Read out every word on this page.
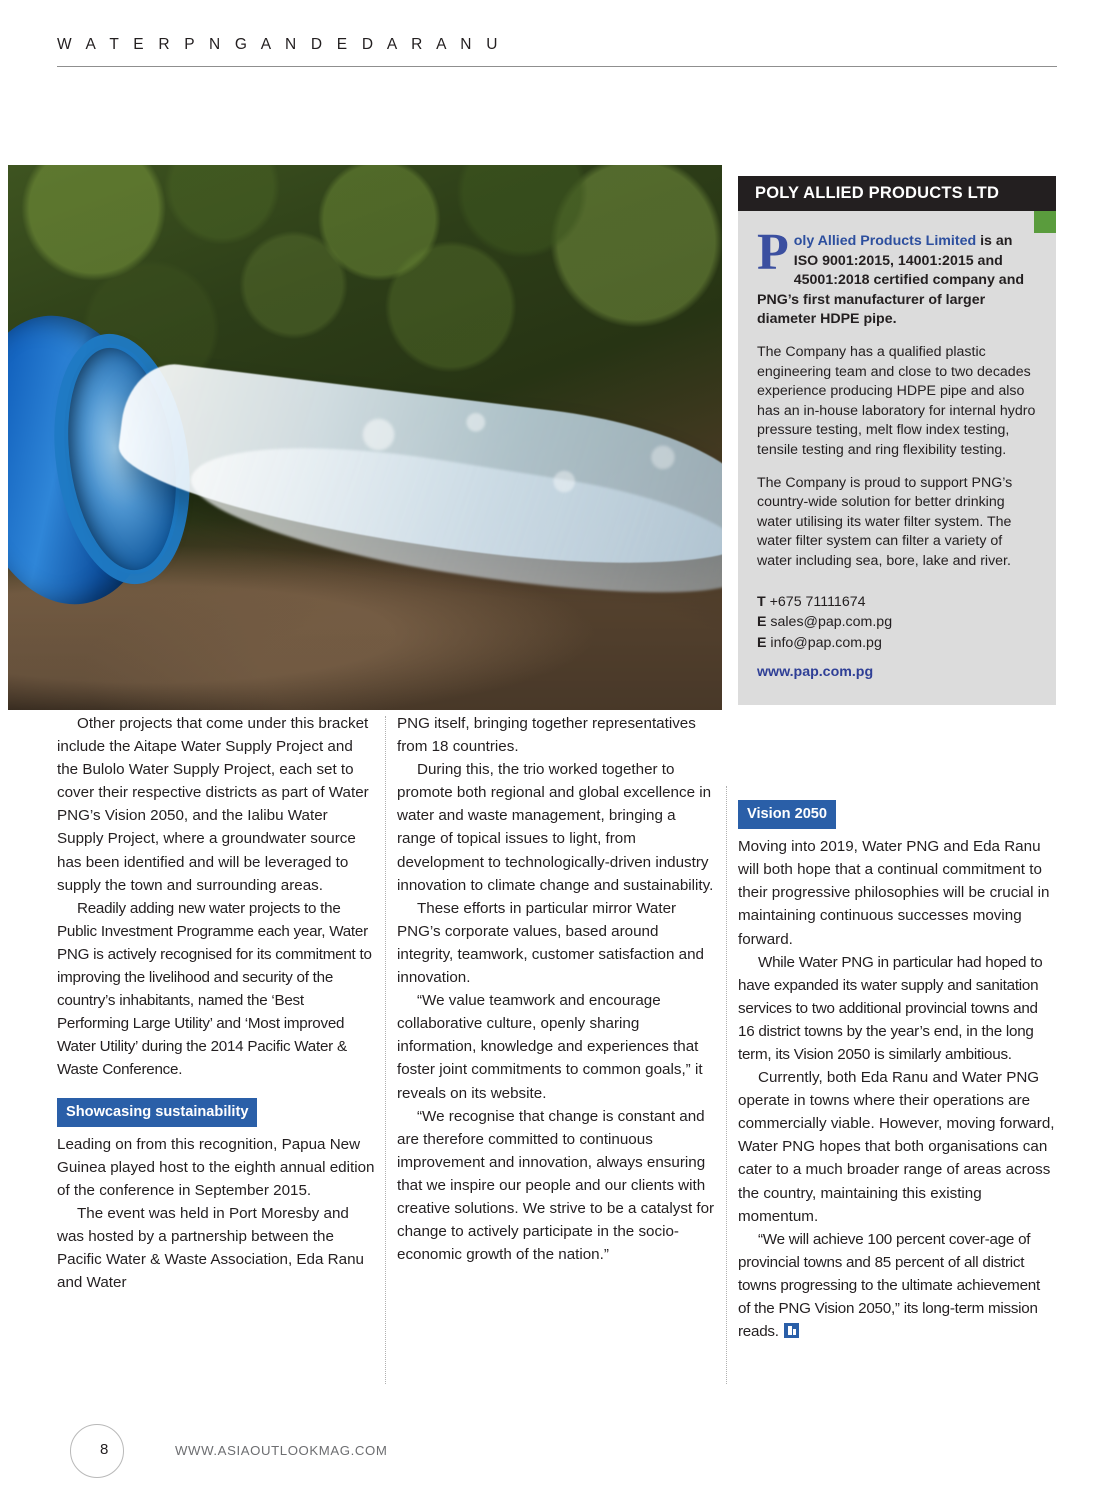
W A T E R P N G A N D E D A R A N U
POLY ALLIED PRODUCTS LTD

Poly Allied Products Limited is an ISO 9001:2015, 14001:2015 and 45001:2018 certified company and PNG’s first manufacturer of larger diameter HDPE pipe.

The Company has a qualified plastic engineering team and close to two decades experience producing HDPE pipe and also has an in-house laboratory for internal hydro pressure testing, melt flow index testing, tensile testing and ring flexibility testing.

The Company is proud to support PNG’s country-wide solution for better drinking water utilising its water filter system. The water filter system can filter a variety of water including sea, bore, lake and river.

T +675 71111674
E sales@pap.com.pg
E info@pap.com.pg
www.pap.com.pg

Other projects that come under this bracket include the Aitape Water Supply Project and the Bulolo Water Supply Project, each set to cover their respective districts as part of Water PNG’s Vision 2050, and the Ialibu Water Supply Project, where a groundwater source has been identified and will be leveraged to supply the town and surrounding areas.

Readily adding new water projects to the Public Investment Programme each year, Water PNG is actively recognised for its commitment to improving the livelihood and security of the country’s inhabitants, named the ‘Best Performing Large Utility’ and ‘Most improved Water Utility’ during the 2014 Pacific Water & Waste Conference.

Showcasing sustainability

Leading on from this recognition, Papua New Guinea played host to the eighth annual edition of the conference in September 2015.

The event was held in Port Moresby and was hosted by a partnership between the Pacific Water & Waste Association, Eda Ranu and Water

PNG itself, bringing together representatives from 18 countries.

During this, the trio worked together to promote both regional and global excellence in water and waste management, bringing a range of topical issues to light, from development to technologically-driven industry innovation to climate change and sustainability.

These efforts in particular mirror Water PNG’s corporate values, based around integrity, teamwork, customer satisfaction and innovation.

“We value teamwork and encourage collaborative culture, openly sharing information, knowledge and experiences that foster joint commitments to common goals,” it reveals on its website.

“We recognise that change is constant and are therefore committed to continuous improvement and innovation, always ensuring that we inspire our people and our clients with creative solutions. We strive to be a catalyst for change to actively participate in the socio-economic growth of the nation.”

Vision 2050

Moving into 2019, Water PNG and Eda Ranu will both hope that a continual commitment to their progressive philosophies will be crucial in maintaining continuous successes moving forward.

While Water PNG in particular had hoped to have expanded its water supply and sanitation services to two additional provincial towns and 16 district towns by the year’s end, in the long term, its Vision 2050 is similarly ambitious.

Currently, both Eda Ranu and Water PNG operate in towns where their operations are commercially viable. However, moving forward, Water PNG hopes that both organisations can cater to a much broader range of areas across the country, maintaining this existing momentum.

“We will achieve 100 percent cover-age of provincial towns and 85 percent of all district towns progressing to the ultimate achievement of the PNG Vision 2050,” its long-term mission reads.

8	WWW.ASIAOUTLOOKMAG.COM
